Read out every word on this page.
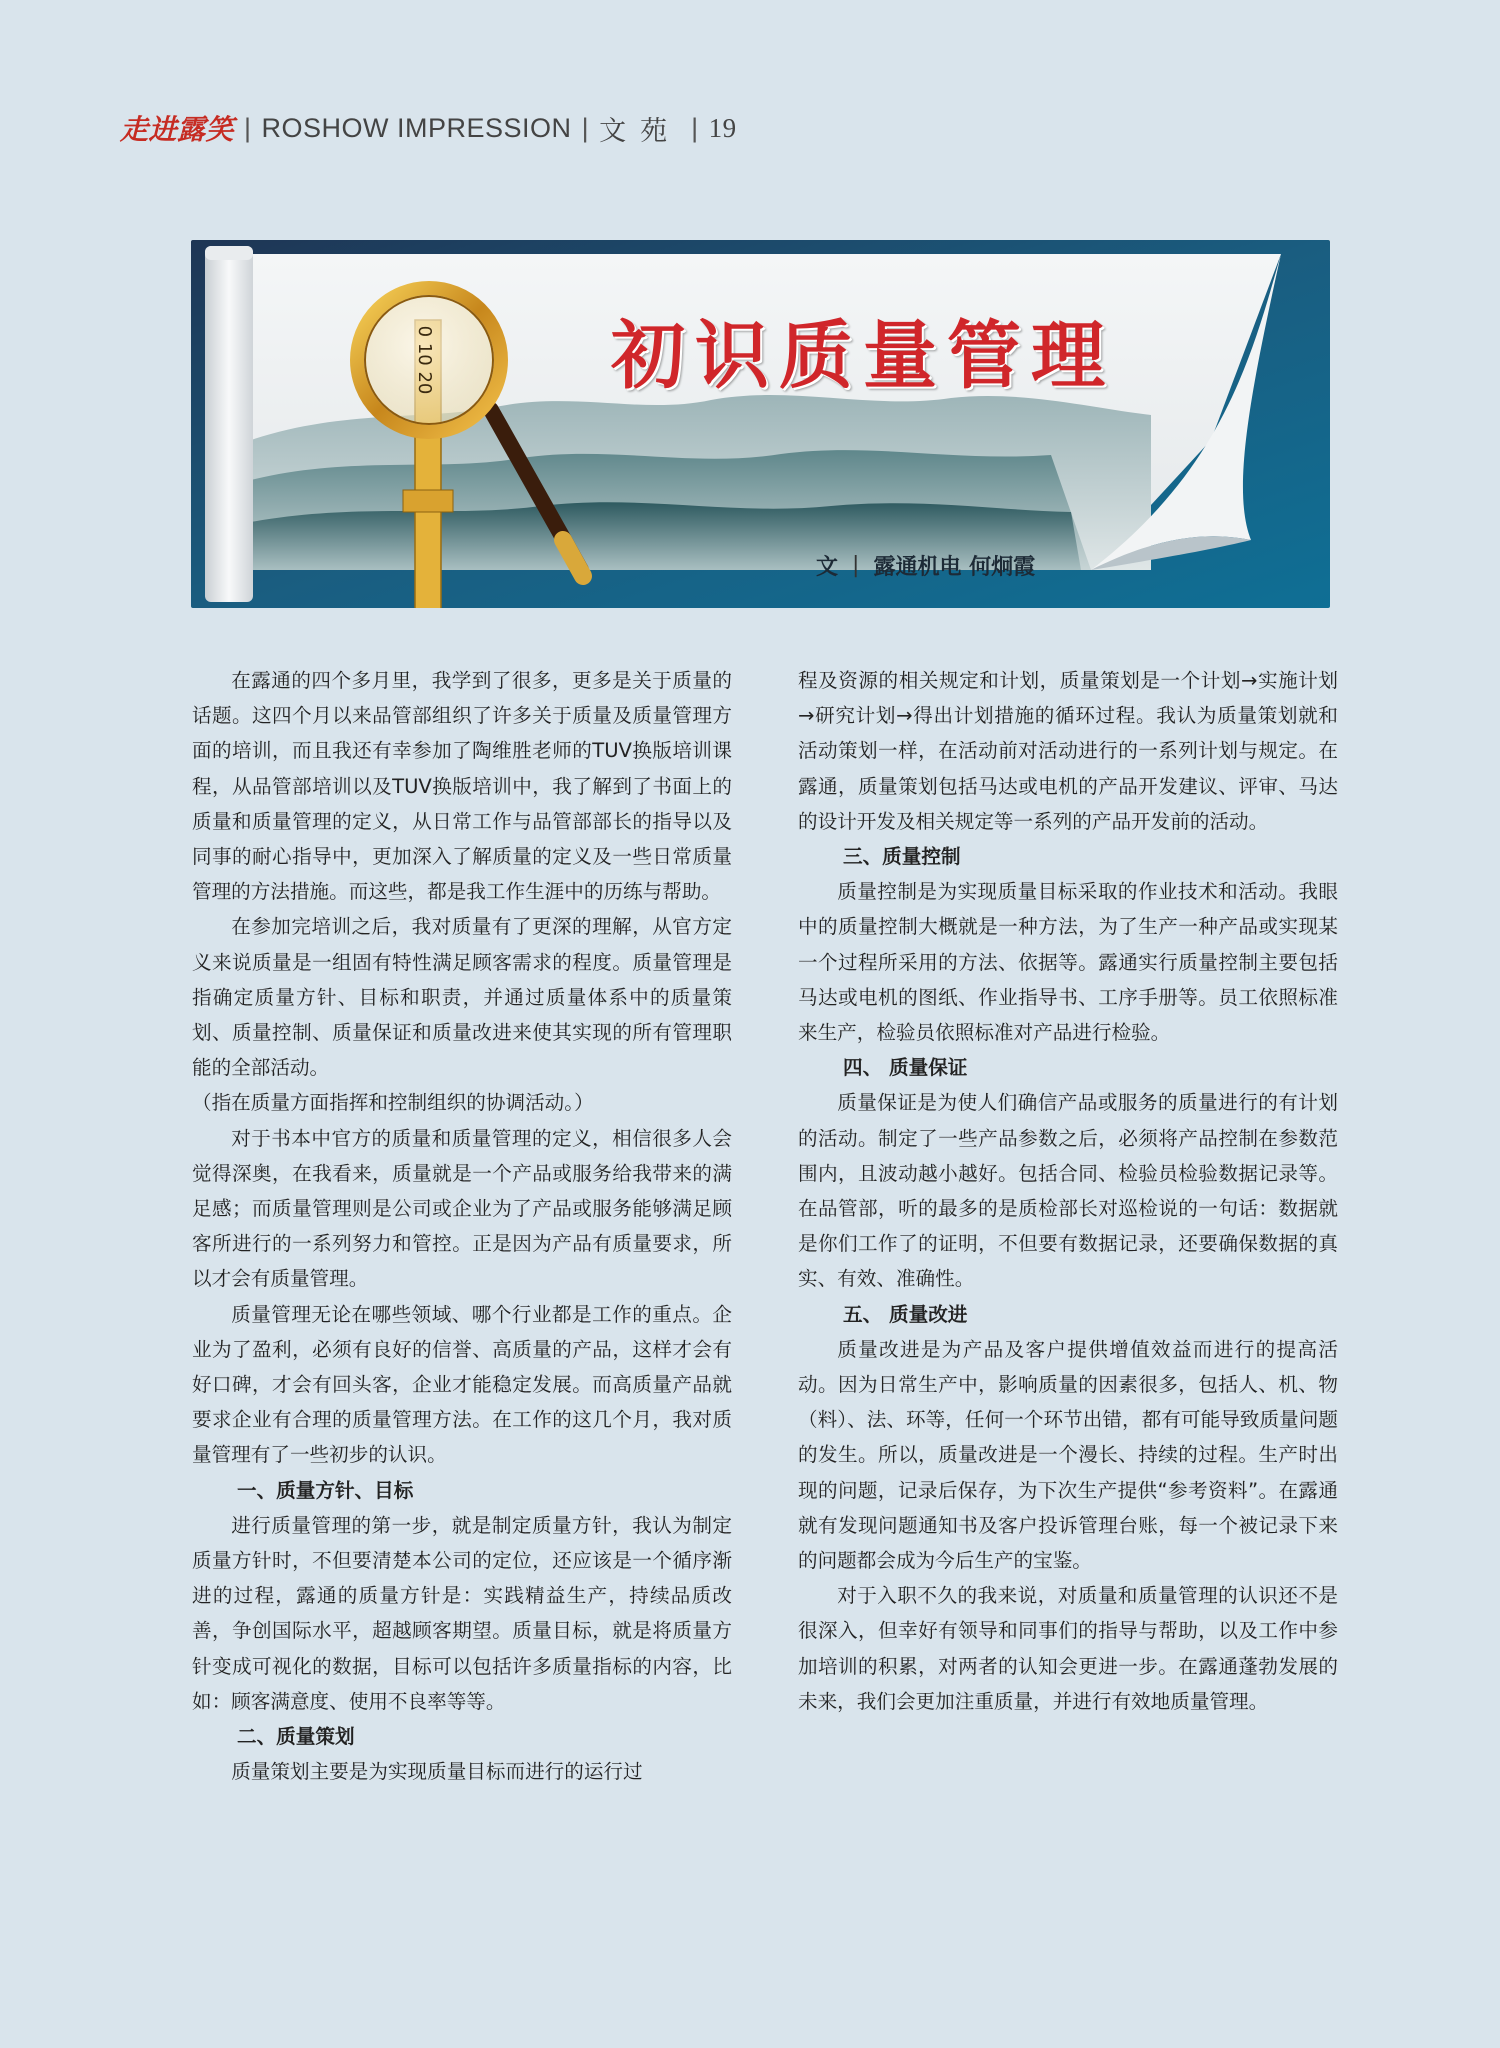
走进露笑 | ROSHOW IMPRESSION | 文苑 | 19
0 10 20 初识质量管理
文 | 露通机电 何炯霞

在露通的四个多月里，我学到了很多，更多是关于质量的话题。这四个月以来品管部组织了许多关于质量及质量管理方面的培训，而且我还有幸参加了陶维胜老师的TUV换版培训课程，从品管部培训以及TUV换版培训中，我了解到了书面上的质量和质量管理的定义，从日常工作与品管部部长的指导以及同事的耐心指导中，更加深入了解质量的定义及一些日常质量管理的方法措施。而这些，都是我工作生涯中的历练与帮助。

在参加完培训之后，我对质量有了更深的理解，从官方定义来说质量是一组固有特性满足顾客需求的程度。质量管理是指确定质量方针、目标和职责，并通过质量体系中的质量策划、质量控制、质量保证和质量改进来使其实现的所有管理职能的全部活动。

（指在质量方面指挥和控制组织的协调活动。）

对于书本中官方的质量和质量管理的定义，相信很多人会觉得深奥，在我看来，质量就是一个产品或服务给我带来的满足感；而质量管理则是公司或企业为了产品或服务能够满足顾客所进行的一系列努力和管控。正是因为产品有质量要求，所以才会有质量管理。

质量管理无论在哪些领域、哪个行业都是工作的重点。企业为了盈利，必须有良好的信誉、高质量的产品，这样才会有好口碑，才会有回头客，企业才能稳定发展。而高质量产品就要求企业有合理的质量管理方法。在工作的这几个月，我对质量管理有了一些初步的认识。

一、质量方针、目标

进行质量管理的第一步，就是制定质量方针，我认为制定质量方针时，不但要清楚本公司的定位，还应该是一个循序渐进的过程，露通的质量方针是：实践精益生产，持续品质改善，争创国际水平，超越顾客期望。质量目标，就是将质量方针变成可视化的数据，目标可以包括许多质量指标的内容，比如：顾客满意度、使用不良率等等。

二、质量策划

质量策划主要是为实现质量目标而进行的运行过

程及资源的相关规定和计划，质量策划是一个计划→实施计划→研究计划→得出计划措施的循环过程。我认为质量策划就和活动策划一样，在活动前对活动进行的一系列计划与规定。在露通，质量策划包括马达或电机的产品开发建议、评审、马达的设计开发及相关规定等一系列的产品开发前的活动。

三、质量控制

质量控制是为实现质量目标采取的作业技术和活动。我眼中的质量控制大概就是一种方法，为了生产一种产品或实现某一个过程所采用的方法、依据等。露通实行质量控制主要包括马达或电机的图纸、作业指导书、工序手册等。员工依照标准来生产，检验员依照标准对产品进行检验。

四、 质量保证

质量保证是为使人们确信产品或服务的质量进行的有计划的活动。制定了一些产品参数之后，必须将产品控制在参数范围内，且波动越小越好。包括合同、检验员检验数据记录等。在品管部，听的最多的是质检部长对巡检说的一句话：数据就是你们工作了的证明，不但要有数据记录，还要确保数据的真实、有效、准确性。

五、 质量改进

质量改进是为产品及客户提供增值效益而进行的提高活动。因为日常生产中，影响质量的因素很多，包括人、机、物（料）、法、环等，任何一个环节出错，都有可能导致质量问题的发生。所以，质量改进是一个漫长、持续的过程。生产时出现的问题，记录后保存，为下次生产提供“参考资料”。在露通就有发现问题通知书及客户投诉管理台账，每一个被记录下来的问题都会成为今后生产的宝鉴。

对于入职不久的我来说，对质量和质量管理的认识还不是很深入，但幸好有领导和同事们的指导与帮助，以及工作中参加培训的积累，对两者的认知会更进一步。在露通蓬勃发展的未来，我们会更加注重质量，并进行有效地质量管理。
